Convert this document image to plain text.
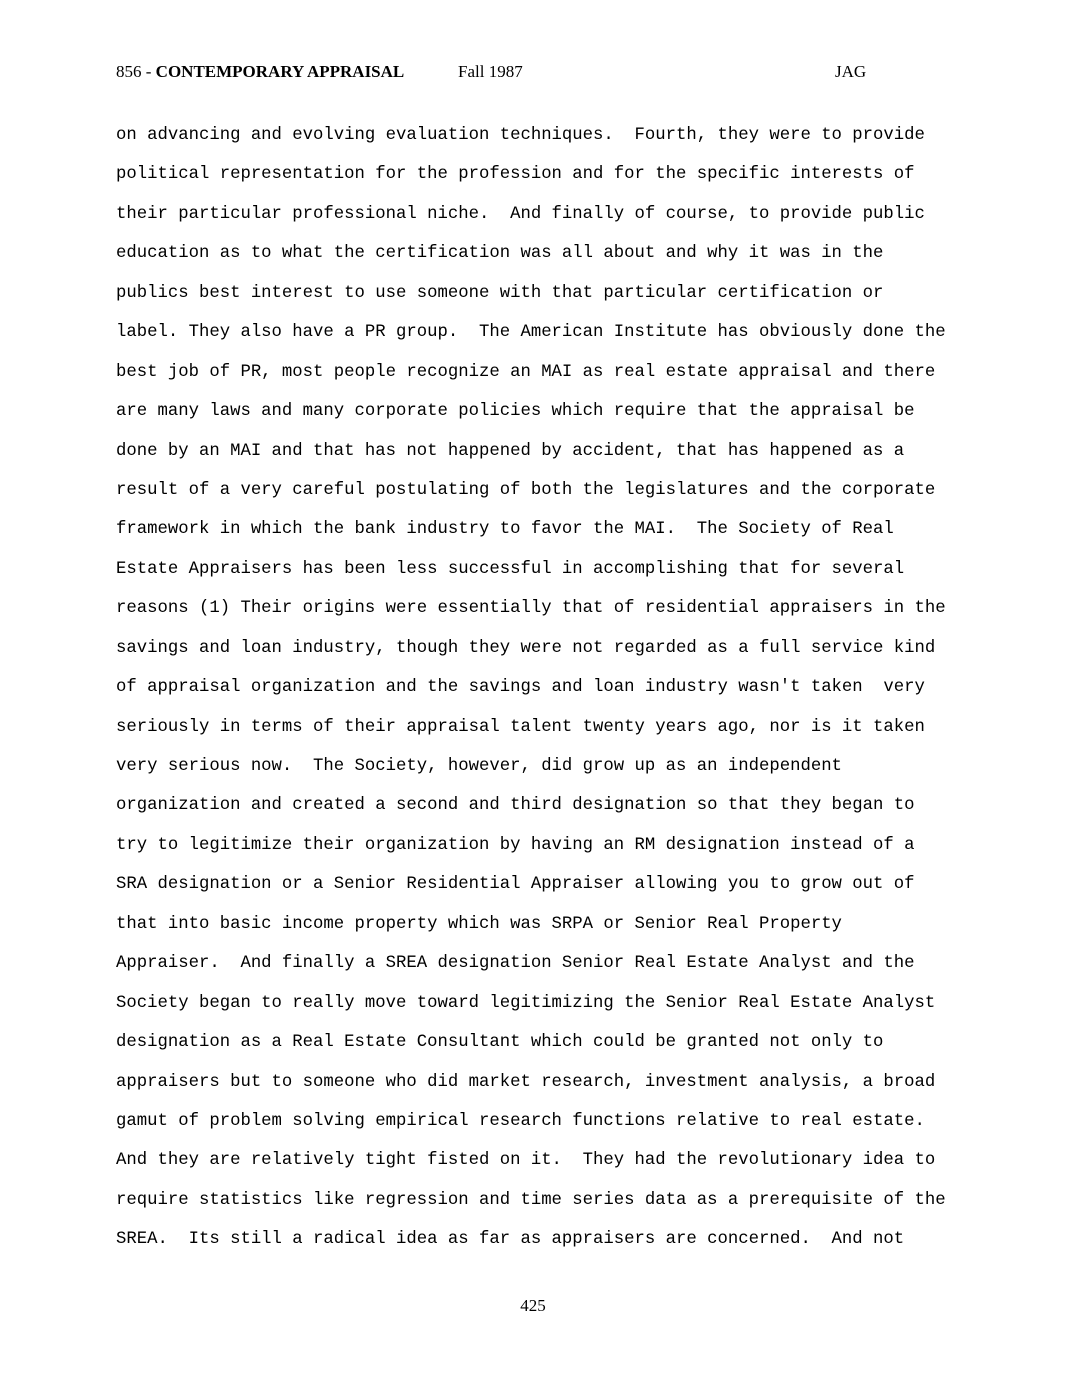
856 - CONTEMPORARY APPRAISAL	Fall 1987	JAG
on advancing and evolving evaluation techniques.  Fourth, they were to provide
political representation for the profession and for the specific interests of
their particular professional niche.  And finally of course, to provide public
education as to what the certification was all about and why it was in the
publics best interest to use someone with that particular certification or
label. They also have a PR group.  The American Institute has obviously done the
best job of PR, most people recognize an MAI as real estate appraisal and there
are many laws and many corporate policies which require that the appraisal be
done by an MAI and that has not happened by accident, that has happened as a
result of a very careful postulating of both the legislatures and the corporate
framework in which the bank industry to favor the MAI.  The Society of Real
Estate Appraisers has been less successful in accomplishing that for several
reasons (1) Their origins were essentially that of residential appraisers in the
savings and loan industry, though they were not regarded as a full service kind
of appraisal organization and the savings and loan industry wasn't taken  very
seriously in terms of their appraisal talent twenty years ago, nor is it taken
very serious now.  The Society, however, did grow up as an independent
organization and created a second and third designation so that they began to
try to legitimize their organization by having an RM designation instead of a
SRA designation or a Senior Residential Appraiser allowing you to grow out of
that into basic income property which was SRPA or Senior Real Property
Appraiser.  And finally a SREA designation Senior Real Estate Analyst and the
Society began to really move toward legitimizing the Senior Real Estate Analyst
designation as a Real Estate Consultant which could be granted not only to
appraisers but to someone who did market research, investment analysis, a broad
gamut of problem solving empirical research functions relative to real estate.
And they are relatively tight fisted on it.  They had the revolutionary idea to
require statistics like regression and time series data as a prerequisite of the
SREA.  Its still a radical idea as far as appraisers are concerned.  And not
425
